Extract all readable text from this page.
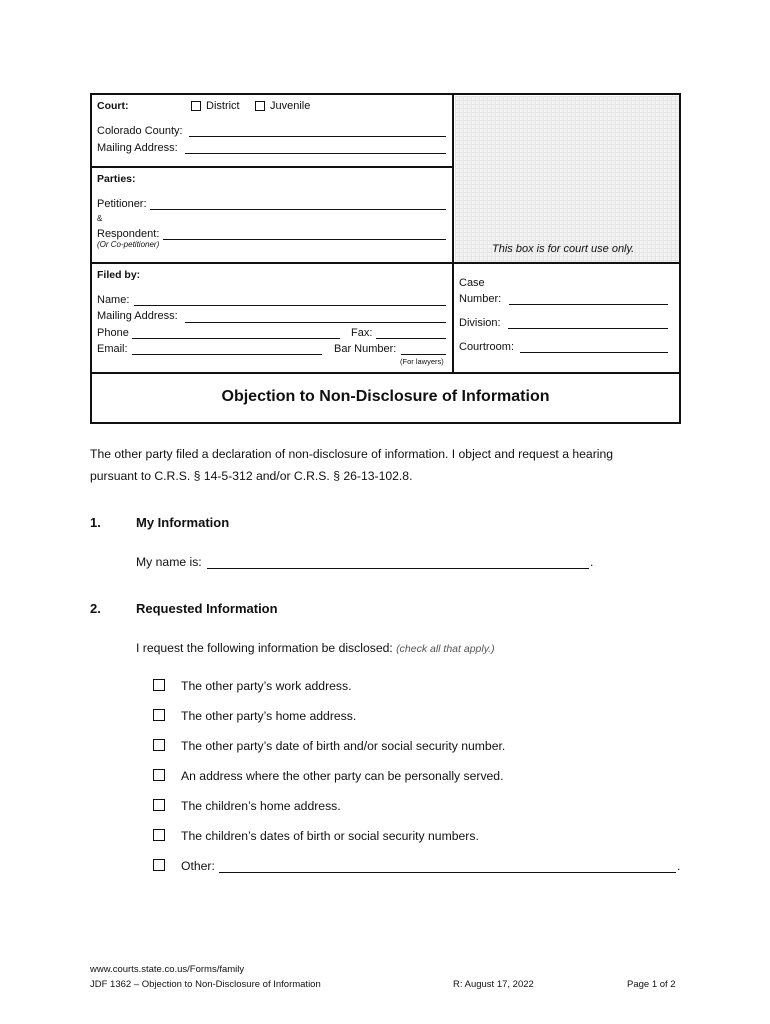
This box is for court use only.
Court:	District	Juvenile
Colorado County:
Mailing Address:
Parties:
Petitioner:
&
Respondent:
(Or Co-petitioner)
Filed by:
Name:
Mailing Address:
Phone	Fax:
Email:	Bar Number:
(For lawyers)
Case
Number:
Division:
Courtroom:
Objection to Non-Disclosure of Information
The other party filed a declaration of non-disclosure of information. I object and request a hearing
pursuant to C.R.S. § 14-5-312 and/or C.R.S. § 26-13-102.8.
1.	My Information
My name is:	.
2.	Requested Information
I request the following information be disclosed: (check all that apply.)
The other party’s work address.
The other party’s home address.
The other party’s date of birth and/or social security number.
An address where the other party can be personally served.
The children’s home address.
The children’s dates of birth or social security numbers.
Other:	.
www.courts.state.co.us/Forms/family
JDF 1362 – Objection to Non-Disclosure of Information	R: August 17, 2022	Page 1 of 2
